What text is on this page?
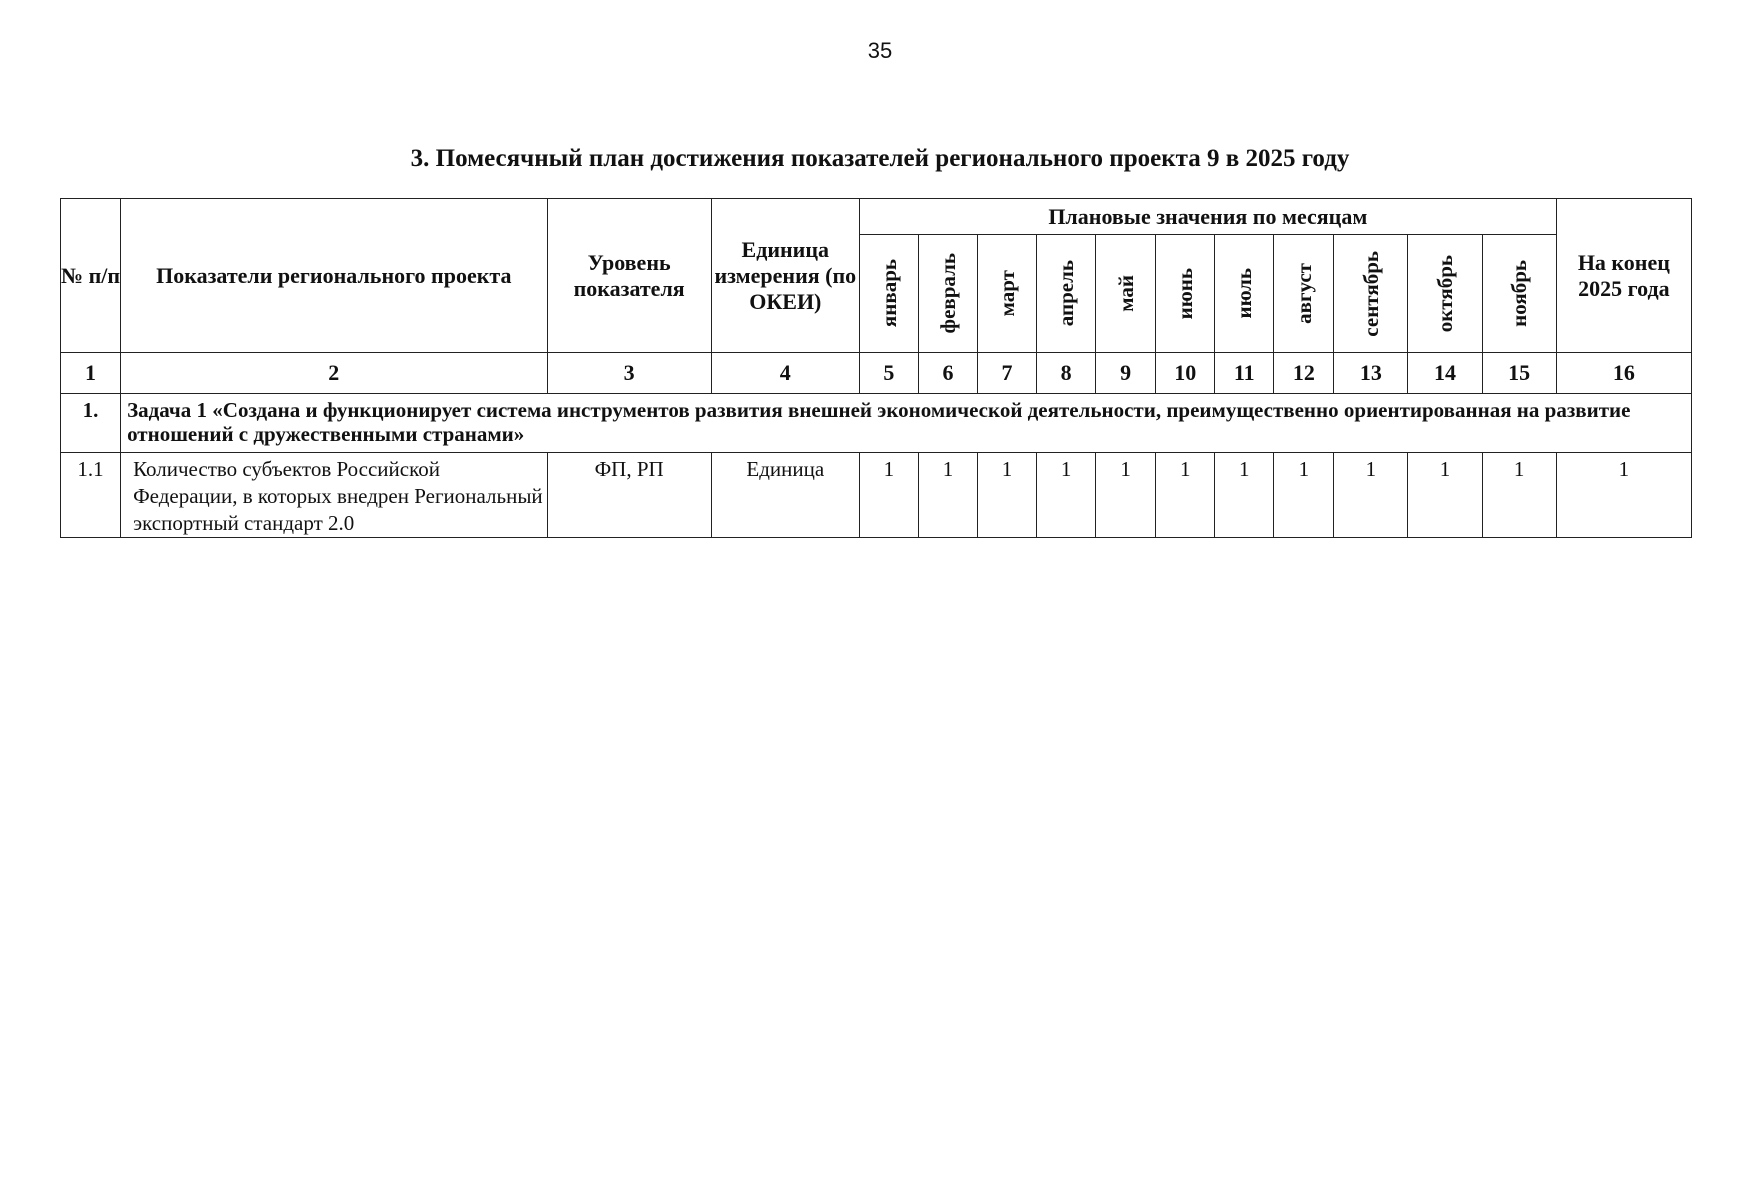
35
3. Помесячный план достижения показателей регионального проекта 9 в 2025 году
№ п/п	Показатели регионального проекта	Уровень показателя	Единица измерения (по ОКЕИ)	Плановые значения по месяцам											На конец 2025 года

				январь	февраль	март	апрель	май	июнь	июль	август	сентябрь	октябрь	ноябрь	

1	2	3	4	5	6	7	8	9	10	11	12	13	14	15	16
1.	Задача 1 «Создана и функционирует система инструментов развития внешней экономической деятельности, преимущественно ориентированная на развитие отношений с дружественными странами»														
1.1	Количество субъектов Российской Федерации, в которых внедрен Региональный экспортный стандарт 2.0	ФП, РП	Единица	1	1	1	1	1	1	1	1	1	1	1	1
